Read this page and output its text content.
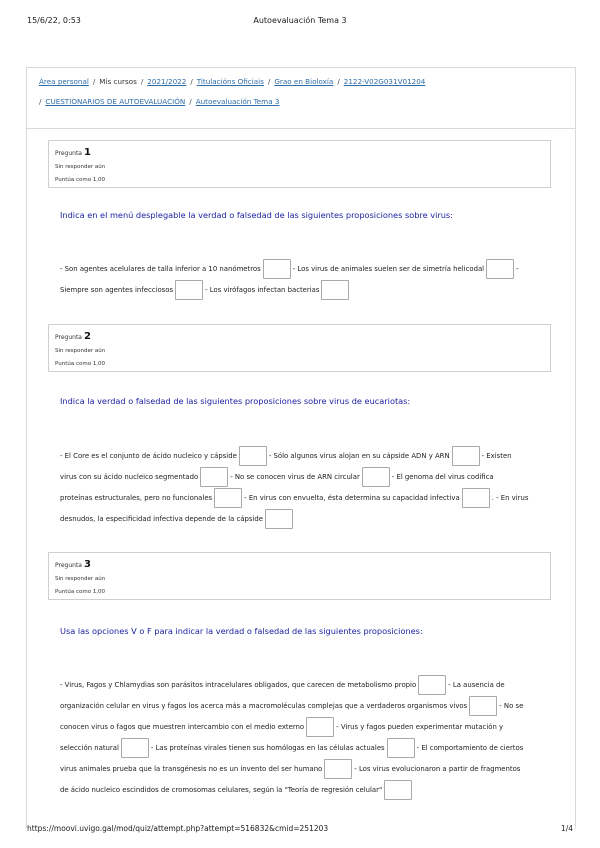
15/6/22, 0:53	Autoevaluación Tema 3
Área personal / Mis cursos / 2021/2022 / Titulacións Oficiais / Grao en Bioloxía / 2122-V02G031V01204
/ CUESTIONARIOS DE AUTOEVALUACIÓN / Autoevaluación Tema 3
Pregunta 1
Sin responder aún
Puntúa como 1,00
Indica en el menú desplegable la verdad o falsedad de las siguientes proposiciones sobre virus:
- Son agentes acelulares de talla inferior a 10 nanómetros	- Los virus de animales suelen ser de simetría helicodal	-
Siempre son agentes infecciosos	- Los virófagos infectan bacterias
Pregunta 2
Sin responder aún
Puntúa como 1,00
Indica la verdad o falsedad de las siguientes proposiciones sobre virus de eucariotas:
- El Core es el conjunto de ácido nucleico y cápside	- Sólo algunos virus alojan en su cápside ADN y ARN	- Existen
virus con su ácido nucleico segmentado	- No se conocen virus de ARN circular	- El genoma del virus codifica
proteínas estructurales, pero no funcionales	- En virus con envuelta, ésta determina su capacidad infectiva	. - En virus
desnudos, la especificidad infectiva depende de la cápside
Pregunta 3
Sin responder aún
Puntúa como 1,00
Usa las opciones V o F para indicar la verdad o falsedad de las siguientes proposiciones:
- Virus, Fagos y Chlamydias son parásitos intracelulares obligados, que carecen de metabolismo propio	- La ausencia de
organización celular en virus y fagos los acerca más a macromoléculas complejas que a verdaderos organismos vivos	- No se
conocen virus o fagos que muestren intercambio con el medio externo	- Virus y fagos pueden experimentar mutación y
selección natural	- Las proteínas virales tienen sus homólogas en las células actuales	- El comportamiento de ciertos
virus animales prueba que la transgénesis no es un invento del ser humano	- Los virus evolucionaron a partir de fragmentos
de ácido nucleico escindidos de cromosomas celulares, según la "Teoría de regresión celular"
https://moovi.uvigo.gal/mod/quiz/attempt.php?attempt=516832&cmid=251203	1/4
